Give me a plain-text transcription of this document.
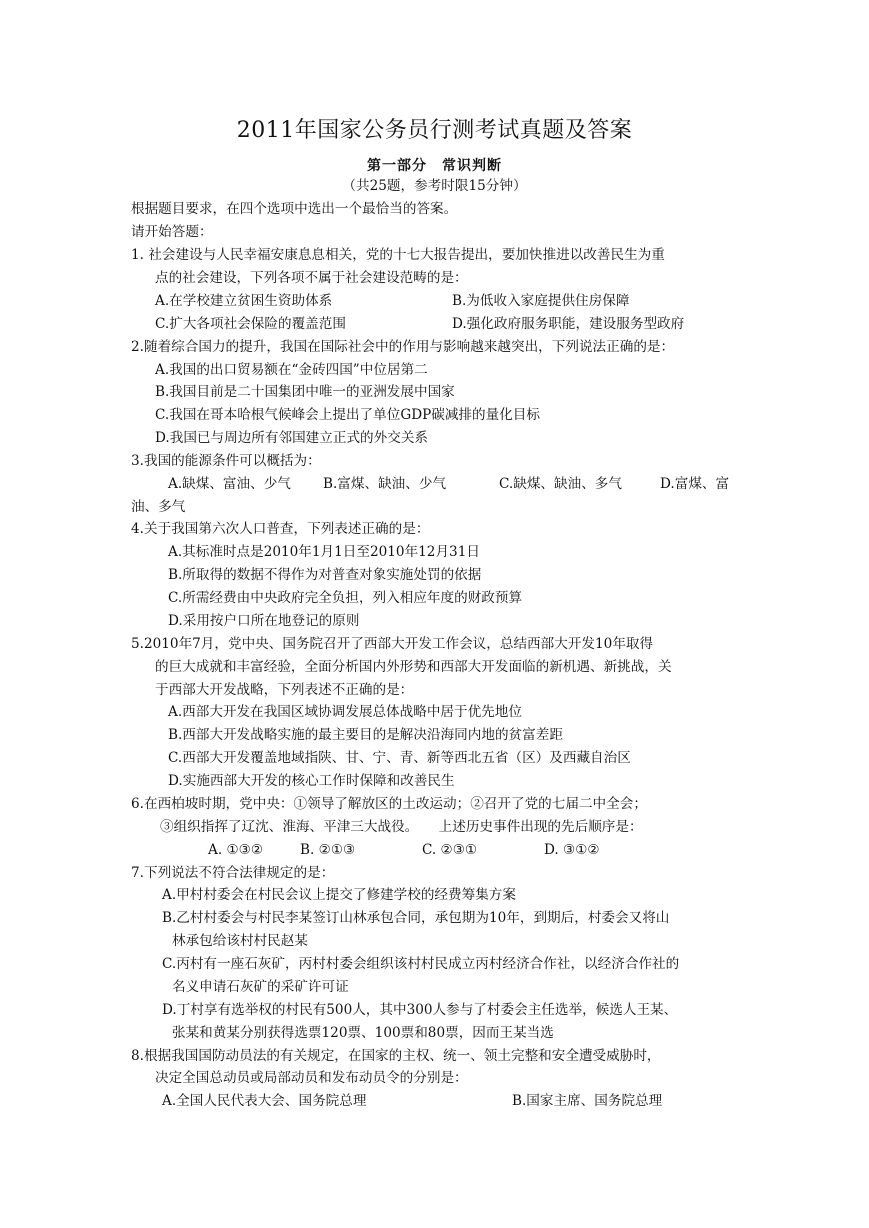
2011年国家公务员行测考试真题及答案
第一部分　常识判断
（共25题，参考时限15分钟）
根据题目要求，在四个选项中选出一个最恰当的答案。
请开始答题：
1. 社会建设与人民幸福安康息息相关，党的十七大报告提出，要加快推进以改善民生为重
点的社会建设，下列各项不属于社会建设范畴的是：
A.在学校建立贫困生资助体系	B.为低收入家庭提供住房保障
C.扩大各项社会保险的覆盖范围	D.强化政府服务职能，建设服务型政府
2.随着综合国力的提升，我国在国际社会中的作用与影响越来越突出，下列说法正确的是：
A.我国的出口贸易额在“金砖四国”中位居第二
B.我国目前是二十国集团中唯一的亚洲发展中国家
C.我国在哥本哈根气候峰会上提出了单位GDP碳减排的量化目标
D.我国已与周边所有邻国建立正式的外交关系
3.我国的能源条件可以概括为：
A.缺煤、富油、少气 B.富煤、缺油、少气	C.缺煤、缺油、多气	D.富煤、富
油、多气
4.关于我国第六次人口普查，下列表述正确的是：
A.其标准时点是2010年1月1日至2010年12月31日
B.所取得的数据不得作为对普查对象实施处罚的依据
C.所需经费由中央政府完全负担，列入相应年度的财政预算
D.采用按户口所在地登记的原则
5.2010年7月，党中央、国务院召开了西部大开发工作会议，总结西部大开发10年取得
的巨大成就和丰富经验，全面分析国内外形势和西部大开发面临的新机遇、新挑战，关
于西部大开发战略，下列表述不正确的是：
A.西部大开发在我国区域协调发展总体战略中居于优先地位
B.西部大开发战略实施的最主要目的是解决沿海同内地的贫富差距
C.西部大开发覆盖地域指陕、甘、宁、青、新等西北五省（区）及西藏自治区
D.实施西部大开发的核心工作时保障和改善民生
6.在西柏坡时期，党中央：①领导了解放区的土改运动；②召开了党的七届二中全会；
③组织指挥了辽沈、淮海、平津三大战役。　　上述历史事件出现的先后顺序是：
A. ①③②	B. ②①③	C. ②③①	D. ③①②
7.下列说法不符合法律规定的是：
A.甲村村委会在村民会议上提交了修建学校的经费筹集方案
B.乙村村委会与村民李某签订山林承包合同，承包期为10年，到期后，村委会又将山
林承包给该村村民赵某
C.丙村有一座石灰矿，丙村村委会组织该村村民成立丙村经济合作社，以经济合作社的
名义申请石灰矿的采矿许可证
D.丁村享有选举权的村民有500人，其中300人参与了村委会主任选举，候选人王某、
张某和黄某分别获得选票120票、100票和80票，因而王某当选
8.根据我国国防动员法的有关规定，在国家的主权、统一、领土完整和安全遭受威胁时，
决定全国总动员或局部动员和发布动员令的分别是：
A.全国人民代表大会、国务院总理	B.国家主席、国务院总理
